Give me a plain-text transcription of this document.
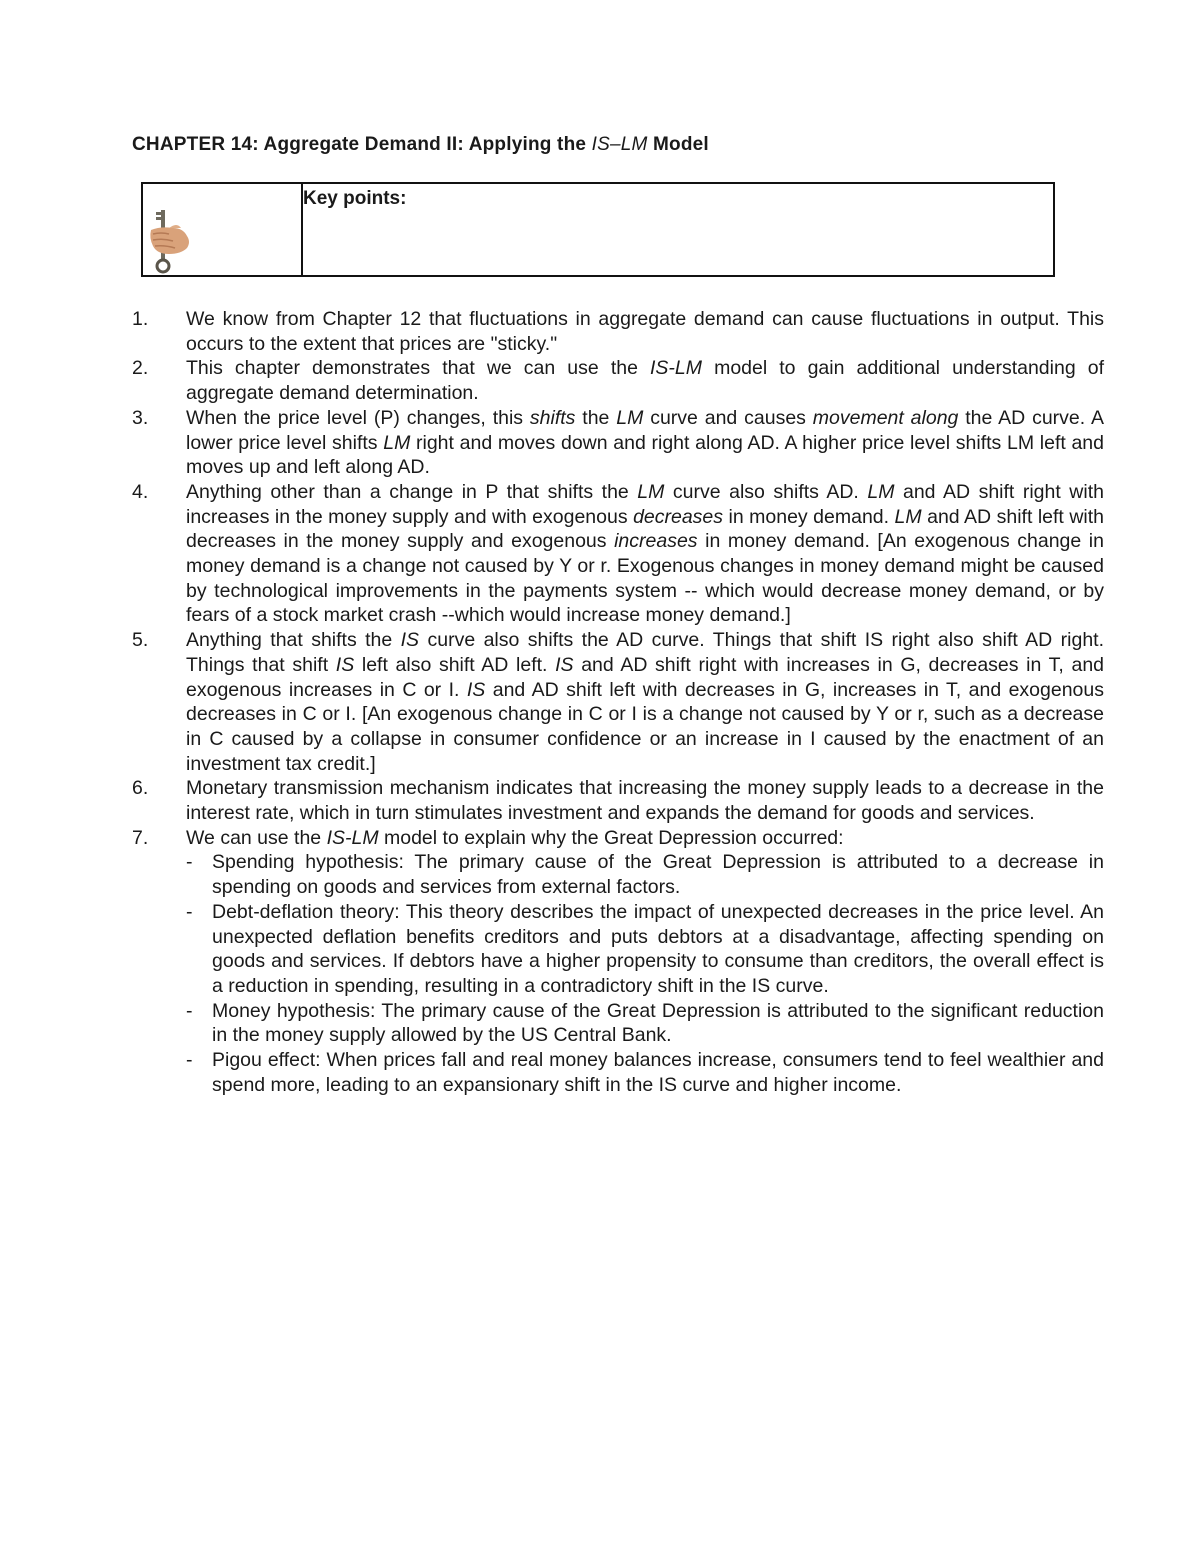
CHAPTER 14: Aggregate Demand II: Applying the IS–LM Model
Key points:
1.	We know from Chapter 12 that fluctuations in aggregate demand can cause fluctuations in output. This occurs to the extent that prices are "sticky."
2.	This chapter demonstrates that we can use the IS-LM model to gain additional understanding of aggregate demand determination.
3.	When the price level (P) changes, this shifts the LM curve and causes movement along the AD curve. A lower price level shifts LM right and moves down and right along AD. A higher price level shifts LM left and moves up and left along AD.
4.	Anything other than a change in P that shifts the LM curve also shifts AD. LM and AD shift right with increases in the money supply and with exogenous decreases in money demand. LM and AD shift left with decreases in the money supply and exogenous increases in money demand. [An exogenous change in money demand is a change not caused by Y or r. Exogenous changes in money demand might be caused by technological improvements in the payments system -- which would decrease money demand, or by fears of a stock market crash --which would increase money demand.]
5.	Anything that shifts the IS curve also shifts the AD curve. Things that shift IS right also shift AD right. Things that shift IS left also shift AD left. IS and AD shift right with increases in G, decreases in T, and exogenous increases in C or I. IS and AD shift left with decreases in G, increases in T, and exogenous decreases in C or I. [An exogenous change in C or I is a change not caused by Y or r, such as a decrease in C caused by a collapse in consumer confidence or an increase in I caused by the enactment of an investment tax credit.]
6.	Monetary transmission mechanism indicates that increasing the money supply leads to a decrease in the interest rate, which in turn stimulates investment and expands the demand for goods and services.
7.	We can use the IS-LM model to explain why the Great Depression occurred:
-	Spending hypothesis: The primary cause of the Great Depression is attributed to a decrease in spending on goods and services from external factors.
-	Debt-deflation theory: This theory describes the impact of unexpected decreases in the price level. An unexpected deflation benefits creditors and puts debtors at a disadvantage, affecting spending on goods and services. If debtors have a higher propensity to consume than creditors, the overall effect is a reduction in spending, resulting in a contradictory shift in the IS curve.
-	Money hypothesis: The primary cause of the Great Depression is attributed to the significant reduction in the money supply allowed by the US Central Bank.
-	Pigou effect: When prices fall and real money balances increase, consumers tend to feel wealthier and spend more, leading to an expansionary shift in the IS curve and higher income.
